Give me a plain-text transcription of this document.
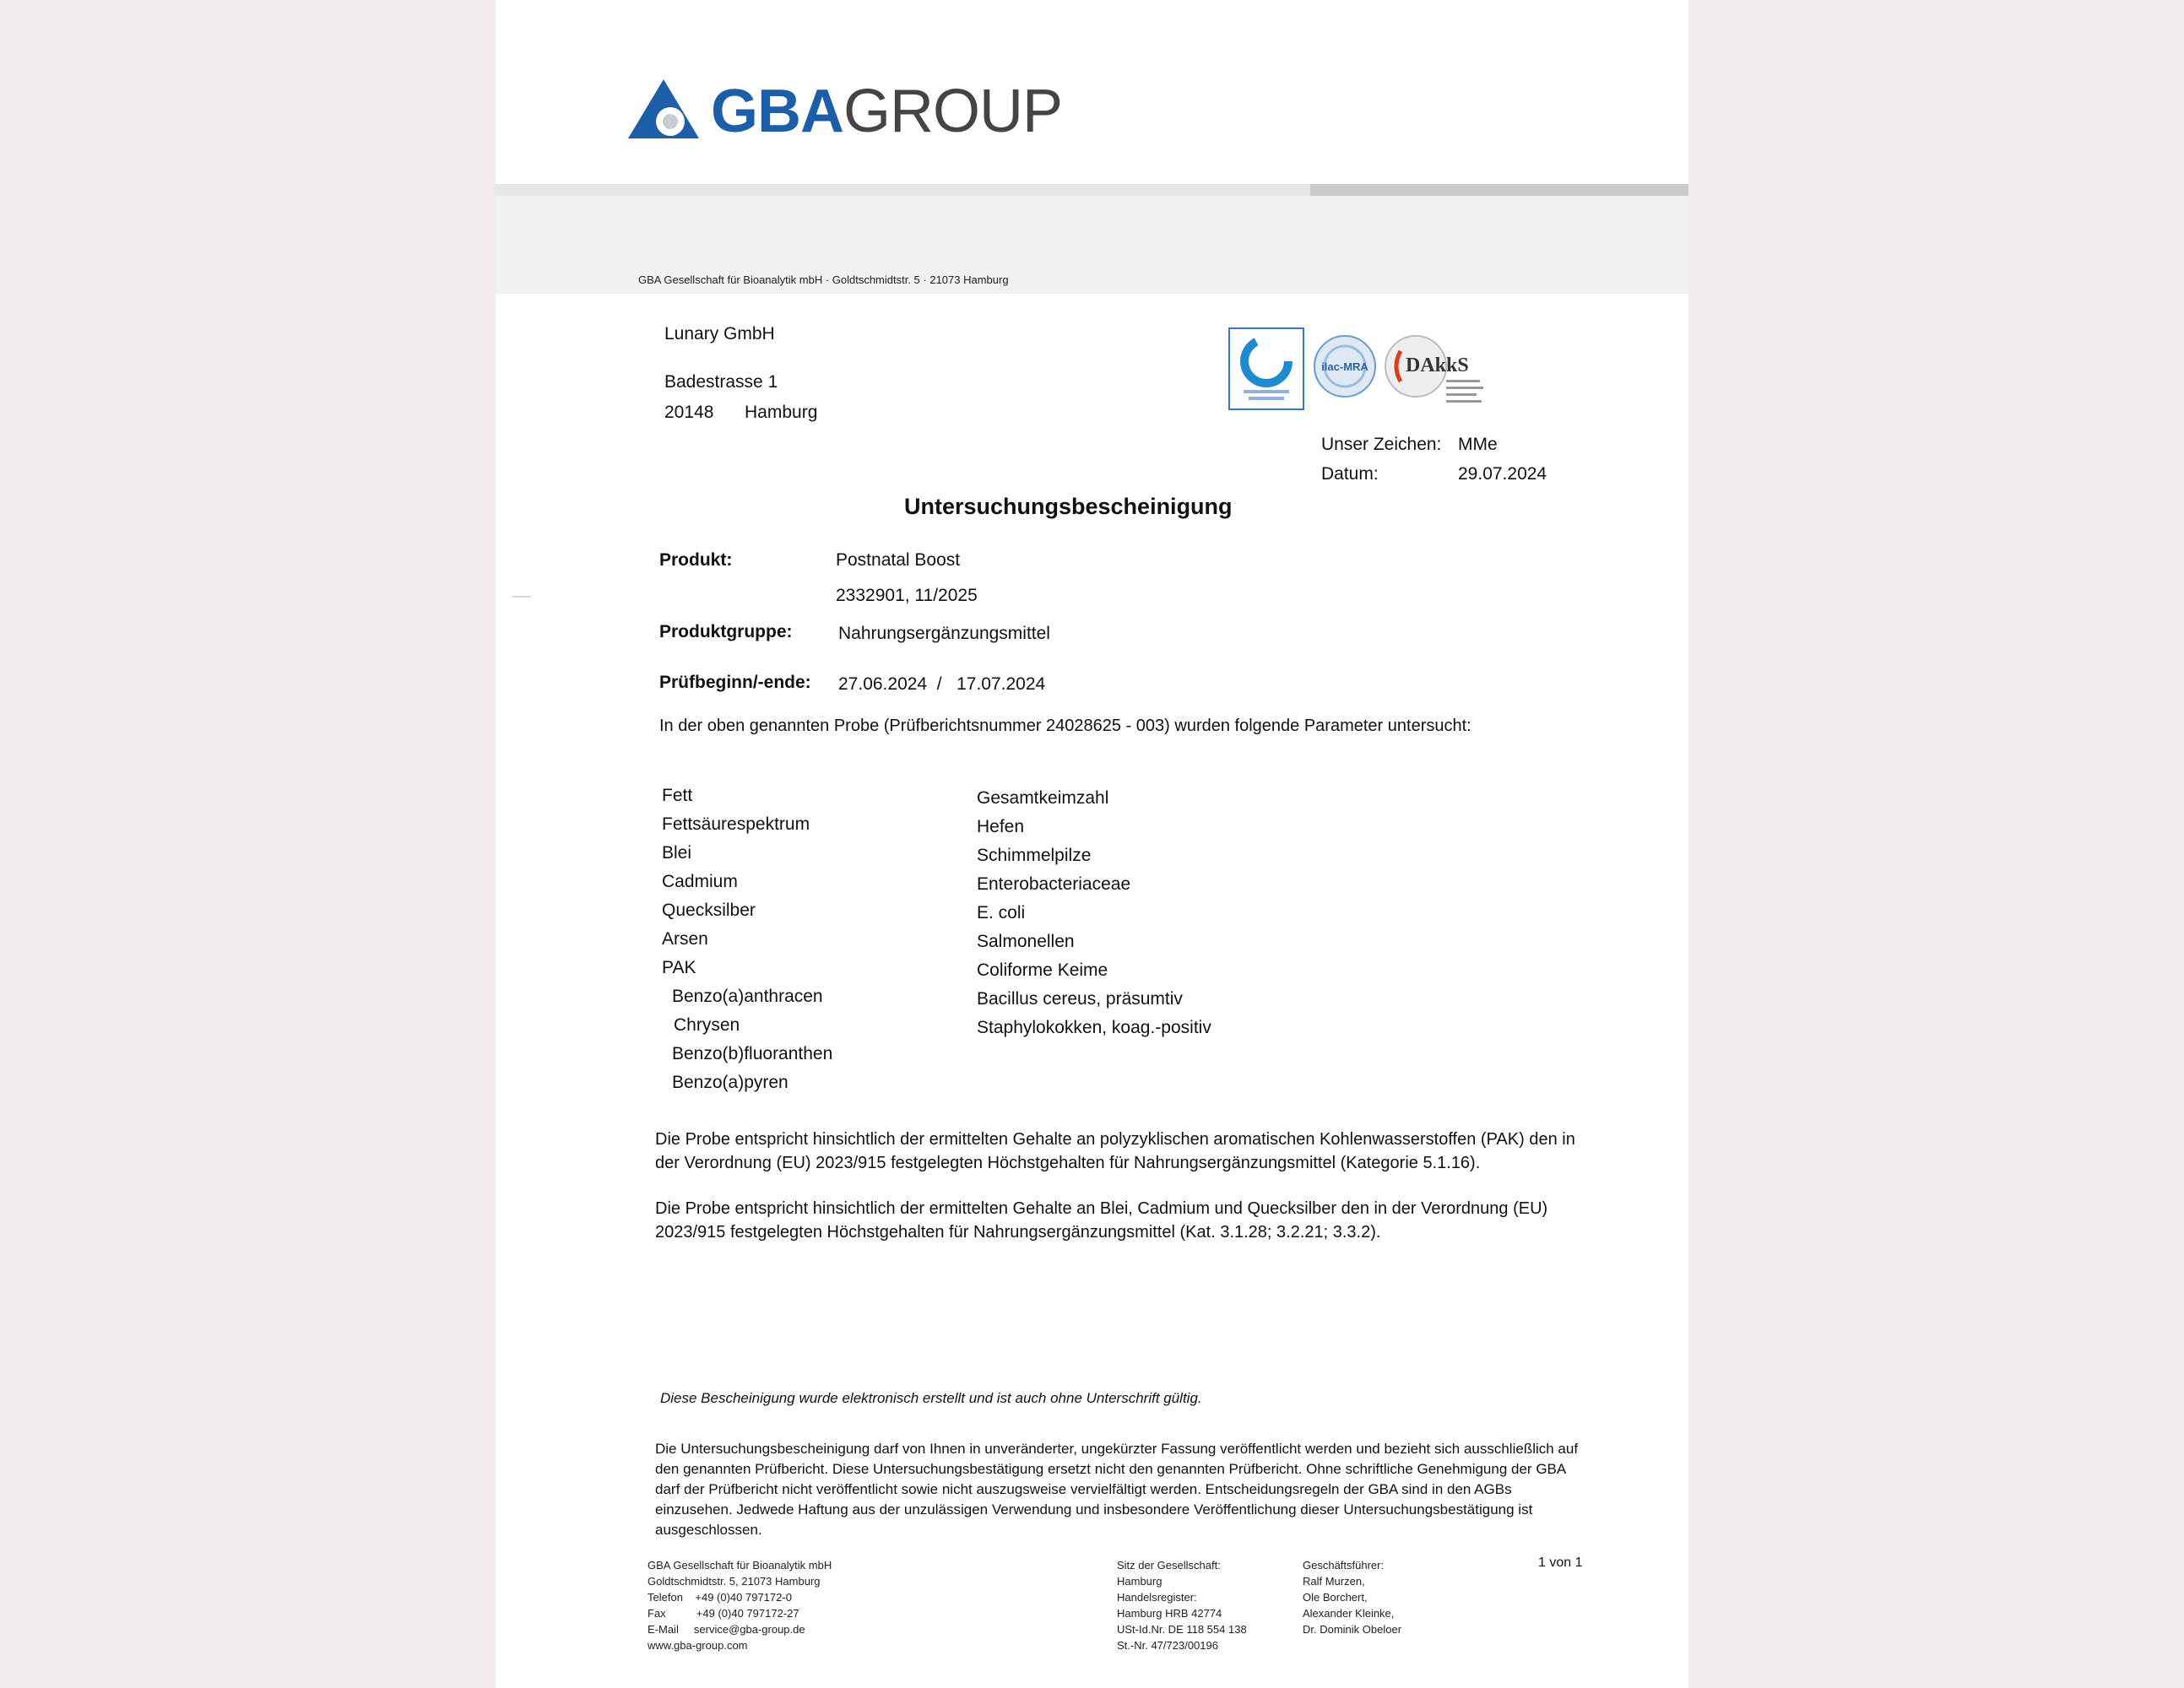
GBAGROUP
GBA Gesellschaft für Bioanalytik mbH · Goldtschmidtstr. 5 · 21073 Hamburg
Lunary GmbH
Badestrasse 1
20148 Hamburg
ilac-MRA DAkkS
Unser Zeichen: MMe
Datum:	29.07.2024
Untersuchungsbescheinigung
Produkt:	Postnatal Boost
2332901, 11/2025
Produktgruppe:	Nahrungsergänzungsmittel
Prüfbeginn/-ende: 27.06.2024  /   17.07.2024
In der oben genannten Probe (Prüfberichtsnummer 24028625 - 003) wurden folgende Parameter untersucht:
Fett
Fettsäurespektrum
Blei
Cadmium
Quecksilber
Arsen
PAK
Benzo(a)anthracen
Chrysen
Benzo(b)fluoranthen
Benzo(a)pyren
Gesamtkeimzahl
Hefen
Schimmelpilze
Enterobacteriaceae
E. coli
Salmonellen
Coliforme Keime
Bacillus cereus, präsumtiv
Staphylokokken, koag.-positiv
Die Probe entspricht hinsichtlich der ermittelten Gehalte an polyzyklischen aromatischen Kohlenwasserstoffen (PAK) den in der Verordnung (EU) 2023/915 festgelegten Höchstgehalten für Nahrungsergänzungsmittel (Kategorie 5.1.16).
Die Probe entspricht hinsichtlich der ermittelten Gehalte an Blei, Cadmium und Quecksilber den in der Verordnung (EU) 2023/915 festgelegten Höchstgehalten für Nahrungsergänzungsmittel (Kat. 3.1.28; 3.2.21; 3.3.2).
Diese Bescheinigung wurde elektronisch erstellt und ist auch ohne Unterschrift gültig.
Die Untersuchungsbescheinigung darf von Ihnen in unveränderter, ungekürzter Fassung veröffentlicht werden und bezieht sich ausschließlich auf den genannten Prüfbericht. Diese Untersuchungsbestätigung ersetzt nicht den genannten Prüfbericht. Ohne schriftliche Genehmigung der GBA darf der Prüfbericht nicht veröffentlicht sowie nicht auszugsweise vervielfältigt werden. Entscheidungsregeln der GBA sind in den AGBs einzusehen. Jedwede Haftung aus der unzulässigen Verwendung und insbesondere Veröffentlichung dieser Untersuchungsbestätigung ist ausgeschlossen.
GBA Gesellschaft für Bioanalytik mbH
Goldtschmidtstr. 5, 21073 Hamburg
Telefon    +49 (0)40 797172-0
Fax          +49 (0)40 797172-27
E-Mail     service@gba-group.de
www.gba-group.com
Sitz der Gesellschaft:
Hamburg
Handelsregister:
Hamburg HRB 42774
USt-Id.Nr. DE 118 554 138
St.-Nr. 47/723/00196
Geschäftsführer:
Ralf Murzen,
Ole Borchert,
Alexander Kleinke,
Dr. Dominik Obeloer
1 von 1
